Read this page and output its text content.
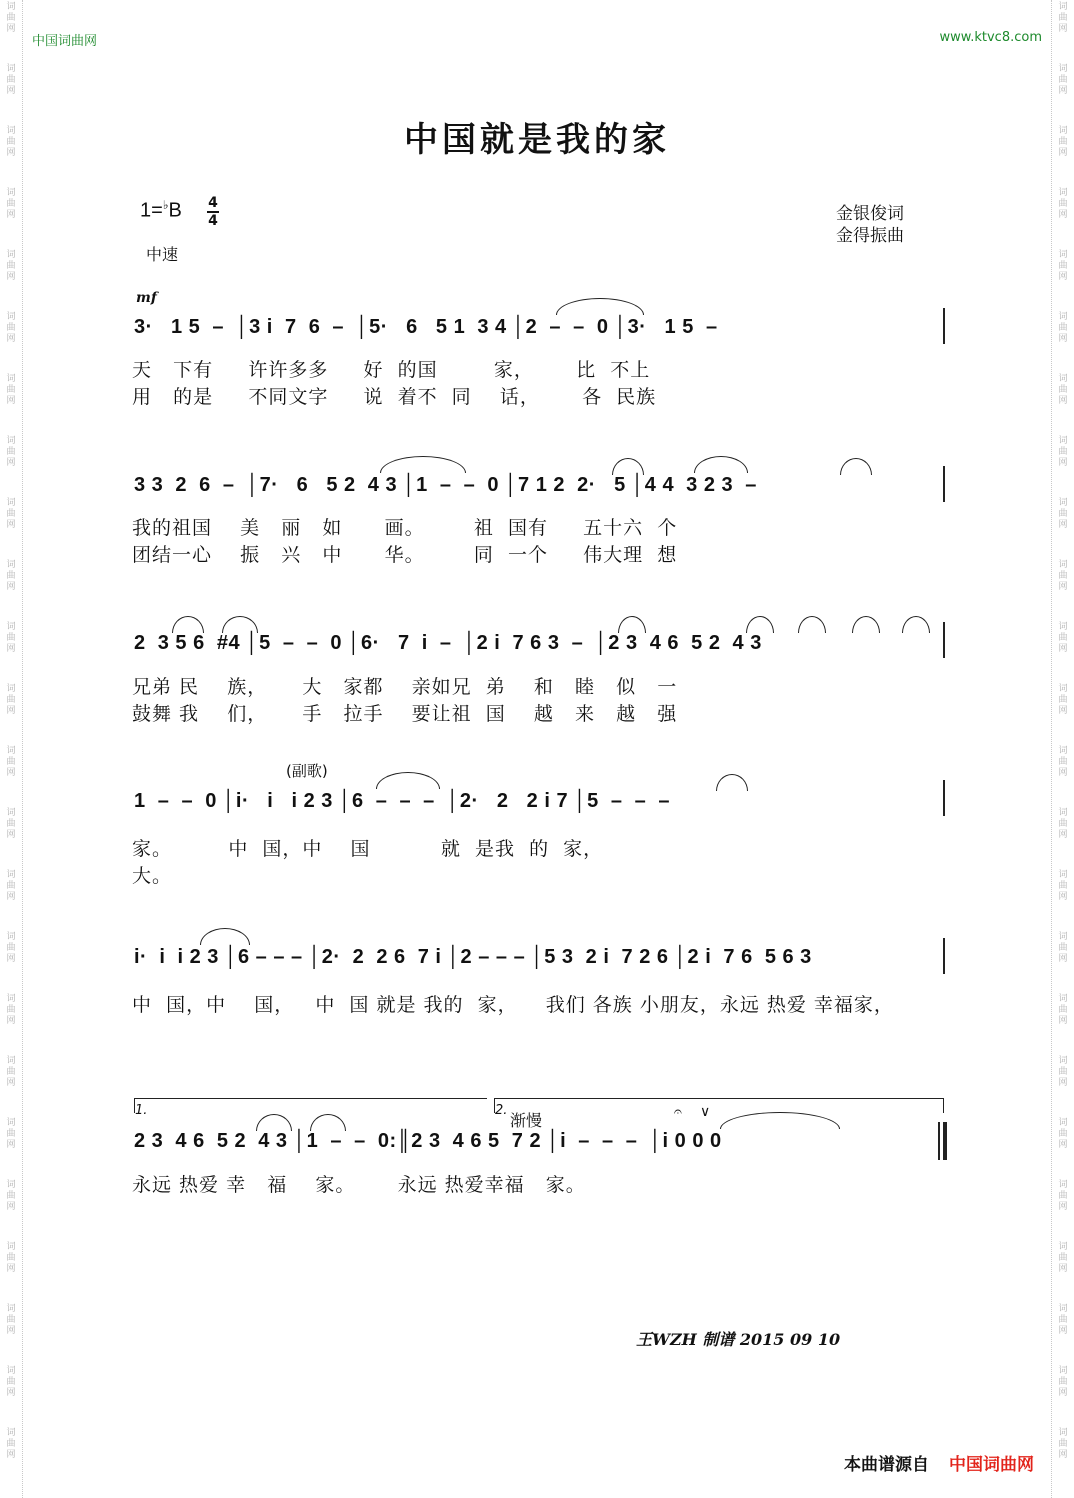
词
曲
网
词
曲
网
词
曲
网
词
曲
网
词
曲
网
词
曲
网
词
曲
网
词
曲
网
词
曲
网
词
曲
网
词
曲
网
词
曲
网
词
曲
网
词
曲
网
词
曲
网
词
曲
网
词
曲
网
词
曲
网
词
曲
网
词
曲
网
词
曲
网
词
曲
网
词
曲
网
词
曲
网
词
曲
网
词
曲
网
词
曲
网
词
曲
网
词
曲
网
词
曲
网
词
曲
网
词
曲
网
词
曲
网
词
曲
网
词
曲
网
词
曲
网
词
曲
网
词
曲
网
词
曲
网
词
曲
网
词
曲
网
词
曲
网
词
曲
网
词
曲
网
词
曲
网
词
曲
网
词
曲
网
词
曲
网
中国词曲网	www.ktvc8.com
中国就是我的家
1=♭B 4
4
中速
金银俊词
金得振曲
mf
3·   1 5  –  │3 i  7  6  –  │5·   6   5 1  3 4 │2  –  –  0 │3·   1 5  –
天   下有     许许多多     好  的国        家，      比  不上
用   的是     不同文字     说  着不  同    话，      各  民族
3 3  2  6  –  │7·   6   5 2  4 3 │1  –  –  0 │7 1 2  2·   5 │4 4  3 2 3  –
我的祖国    美   丽   如      画。       祖  国有     五十六  个
团结一心    振   兴   中      华。       同  一个     伟大理  想
2  3 5 6  #4 │5  –  –  0 │6·   7  i  –  │2 i  7 6 3  –  │2 3  4 6  5 2  4 3
兄弟 民    族，     大   家都    亲如兄  弟    和   睦   似   一
鼓舞 我    们，     手   拉手    要让祖  国    越   来   越   强
(副歌)
1  –  –  0 │i·   i   i 2 3 │6  –  –  –  │2·   2   2 i 7 │5  –  –  –
家。        中  国，中    国          就  是我  的  家，
大。
i·  i  i 2 3 │6 – – – │2·  2  2 6  7 i │2 – – – │5 3  2 i  7 2 6 │2 i  7 6  5 6 3
中  国，中    国，   中  国 就是 我的  家，    我们 各族 小朋友，永远 热爱 幸福家，
1.	2.
渐慢	𝄐 ∨
2 3  4 6  5 2  4 3 │1  –  –  0:║2 3  4 6 5  7 2 │i  –  –  –  │i 0 0 0
永远 热爱 幸   福    家。      永远 热爱幸福   家。
王WZH 制谱 2015 09 10
本曲谱源自 中国词曲网
